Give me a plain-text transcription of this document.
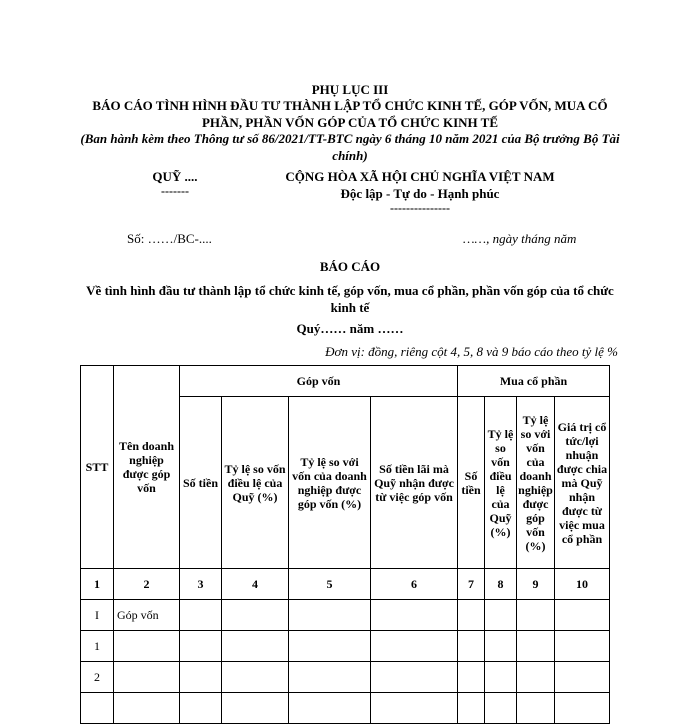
PHỤ LỤC III
BÁO CÁO TÌNH HÌNH ĐẦU TƯ THÀNH LẬP TỔ CHỨC KINH TẾ, GÓP VỐN, MUA CỔ PHẦN, PHẦN VỐN GÓP CỦA TỔ CHỨC KINH TẾ
(Ban hành kèm theo Thông tư số 86/2021/TT-BTC ngày 6 tháng 10 năm 2021 của Bộ trưởng Bộ Tài chính)
QUỸ ....
-------
CỘNG HÒA XÃ HỘI CHỦ NGHĨA VIỆT NAM
Độc lập - Tự do - Hạnh phúc
---------------
Số: ……/BC-....	……, ngày tháng năm
BÁO CÁO
Về tình hình đầu tư thành lập tổ chức kinh tế, góp vốn, mua cổ phần, phần vốn góp của tổ chức kinh tế
Quý…… năm ……
Đơn vị: đồng, riêng cột 4, 5, 8 và 9 báo cáo theo tỷ lệ %
STT	Tên doanh nghiệp được góp vốn	Góp vốn				Mua cổ phần			
		Số tiền	Tỷ lệ so vốn điều lệ của Quỹ (%)	Tỷ lệ so với vốn của doanh nghiệp được góp vốn (%)	Số tiền lãi mà Quỹ nhận được từ việc góp vốn	Số tiền	Tỷ lệ so vốn điều lệ của Quỹ (%)	Tỷ lệ so với vốn của doanh nghiệp được góp vốn (%)	Giá trị cổ tức/lợi nhuận được chia mà Quỹ nhận được từ việc mua cổ phần
1	2	3	4	5	6	7	8	9	10
I	Góp vốn								
1									
2									
